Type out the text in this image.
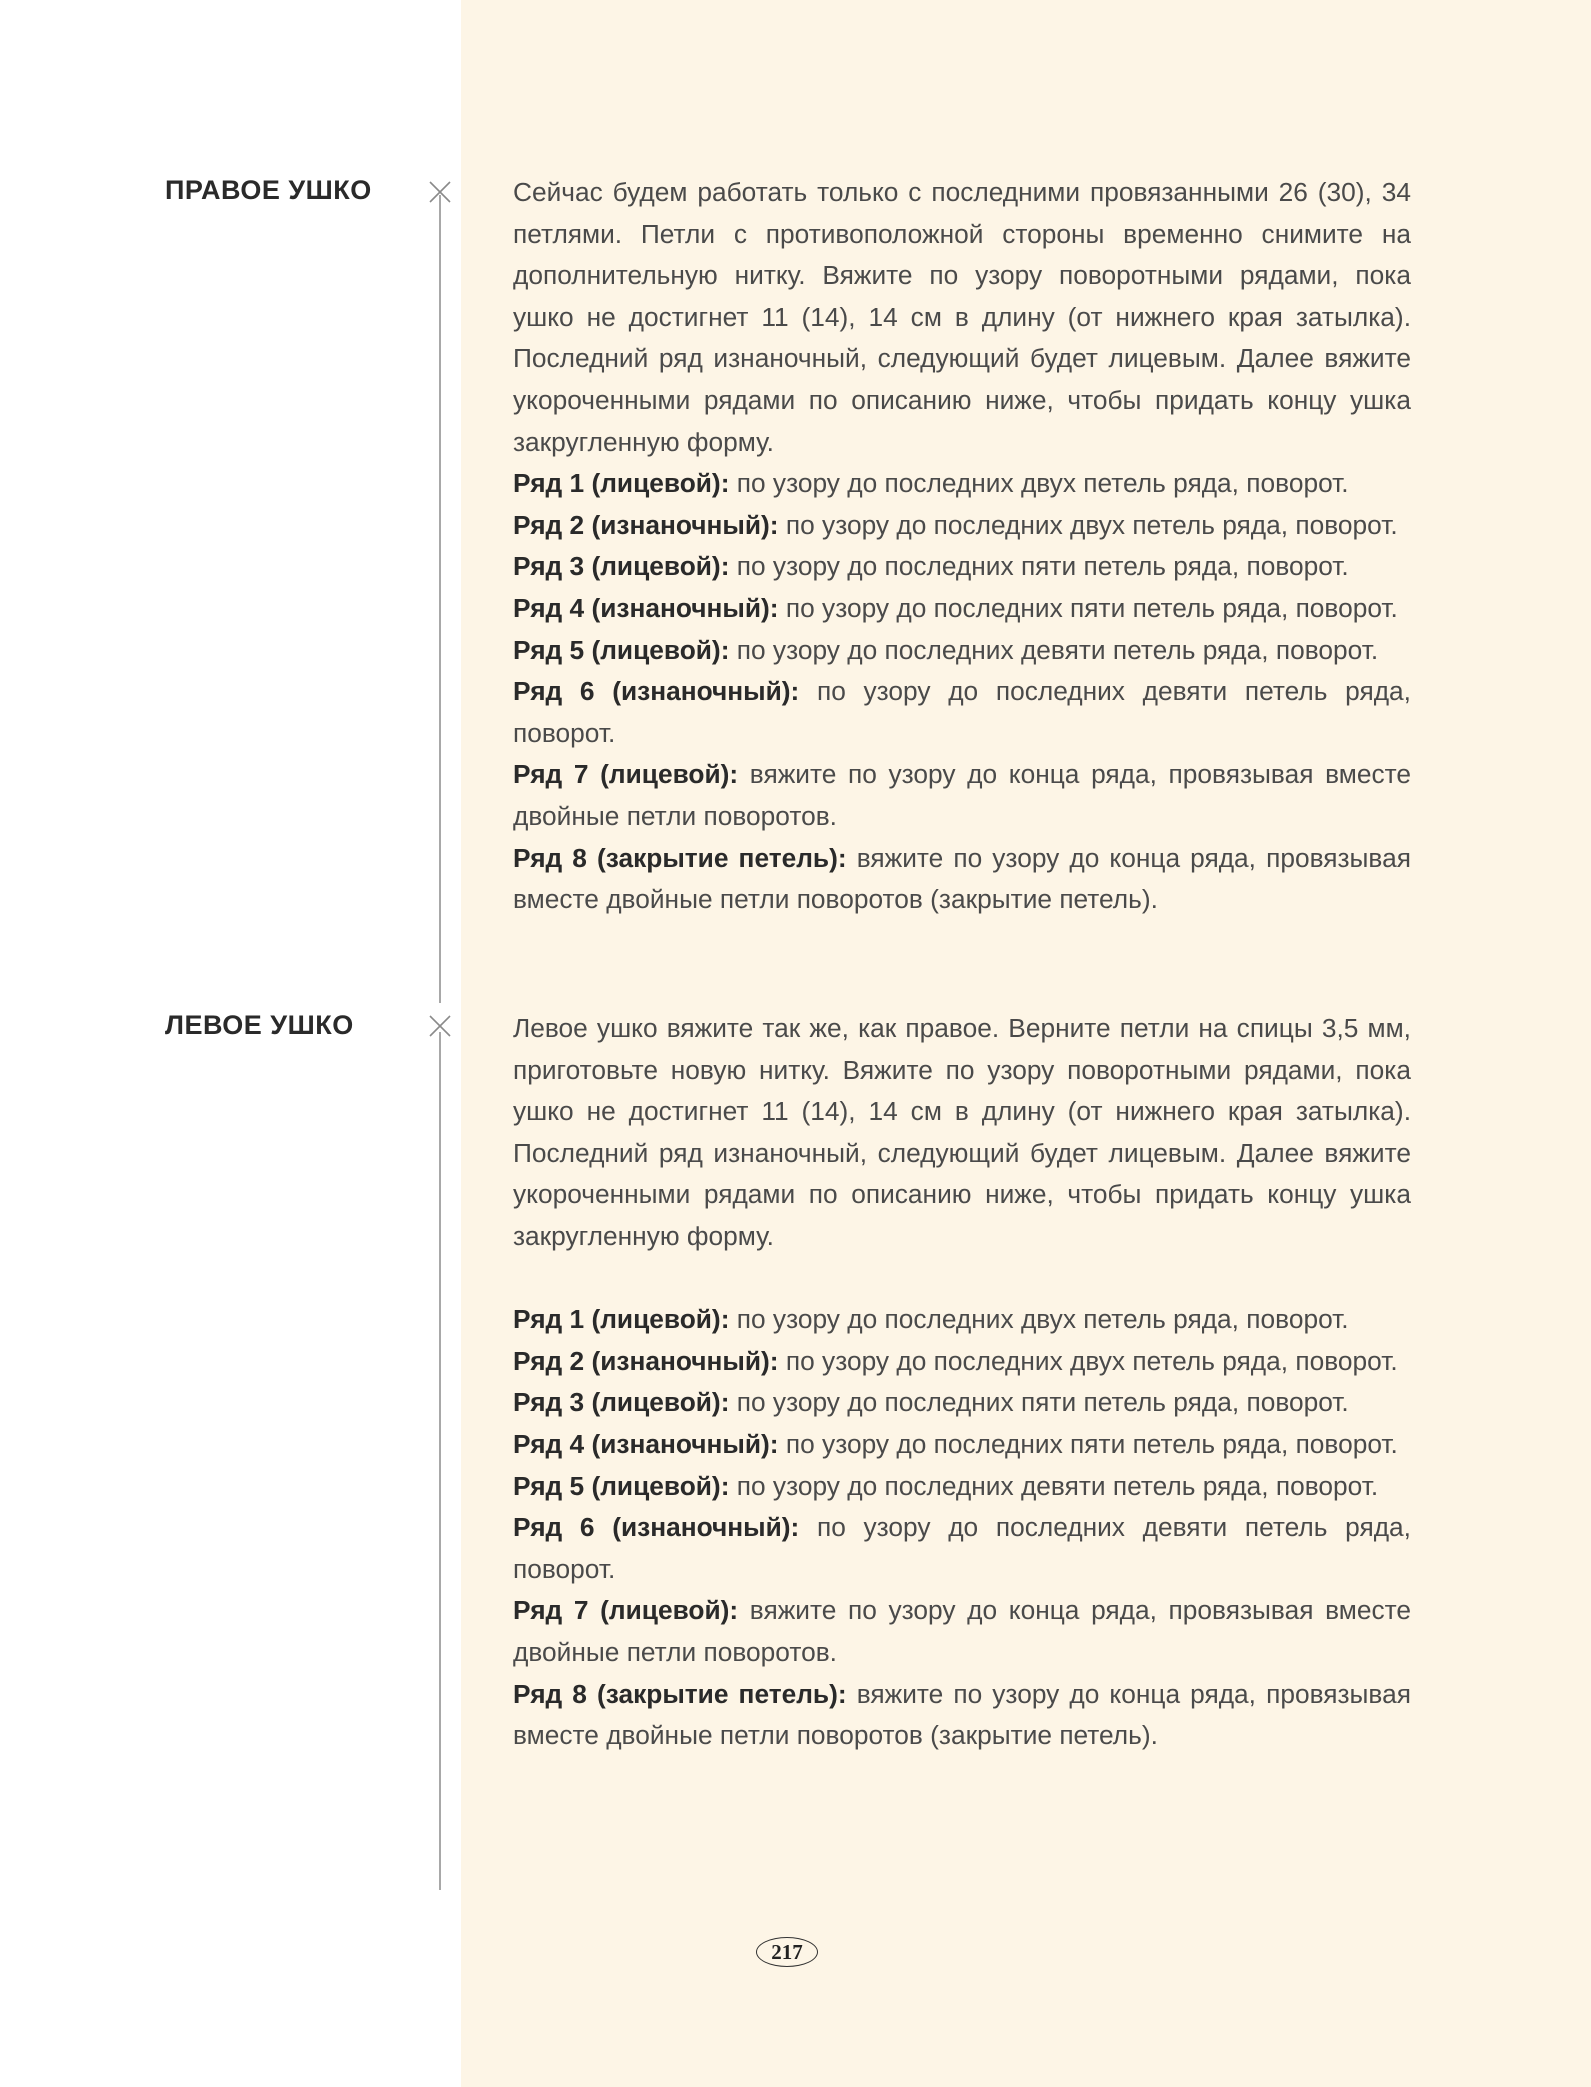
ПРАВОЕ УШКО	Сейчас будем работать только с последними провязанными 26 (30), 34 петлями. Петли с противоположной стороны временно снимите на дополнительную нитку. Вяжите по узору поворотными рядами, пока ушко не достигнет 11 (14), 14 см в длину (от нижнего края затылка). Последний ряд изнаночный, следующий будет лицевым. Далее вяжите укороченными рядами по описанию ниже, чтобы придать концу ушка закругленную форму.

Ряд 1 (лицевой): по узору до последних двух петель ряда, поворот.

Ряд 2 (изнаночный): по узору до последних двух петель ряда, поворот.

Ряд 3 (лицевой): по узору до последних пяти петель ряда, поворот.

Ряд 4 (изнаночный): по узору до последних пяти петель ряда, поворот.

Ряд 5 (лицевой): по узору до последних девяти петель ряда, поворот.

Ряд 6 (изнаночный): по узору до последних девяти петель ряда, поворот.

Ряд 7 (лицевой): вяжите по узору до конца ряда, провязывая вместе двойные петли поворотов.

Ряд 8 (закрытие петель): вяжите по узору до конца ряда, провязывая вместе двойные петли поворотов (закрытие петель).

ЛЕВОЕ УШКО	Левое ушко вяжите так же, как правое. Верните петли на спицы 3,5 мм, приготовьте новую нитку. Вяжите по узору поворотными рядами, пока ушко не достигнет 11 (14), 14 см в длину (от нижнего края затылка). Последний ряд изнаночный, следующий будет лицевым. Далее вяжите укороченными рядами по описанию ниже, чтобы придать концу ушка закругленную форму.

Ряд 1 (лицевой): по узору до последних двух петель ряда, поворот.

Ряд 2 (изнаночный): по узору до последних двух петель ряда, поворот.

Ряд 3 (лицевой): по узору до последних пяти петель ряда, поворот.

Ряд 4 (изнаночный): по узору до последних пяти петель ряда, поворот.

Ряд 5 (лицевой): по узору до последних девяти петель ряда, поворот.

Ряд 6 (изнаночный): по узору до последних девяти петель ряда, поворот.

Ряд 7 (лицевой): вяжите по узору до конца ряда, провязывая вместе двойные петли поворотов.

Ряд 8 (закрытие петель): вяжите по узору до конца ряда, провязывая вместе двойные петли поворотов (закрытие петель).

217
